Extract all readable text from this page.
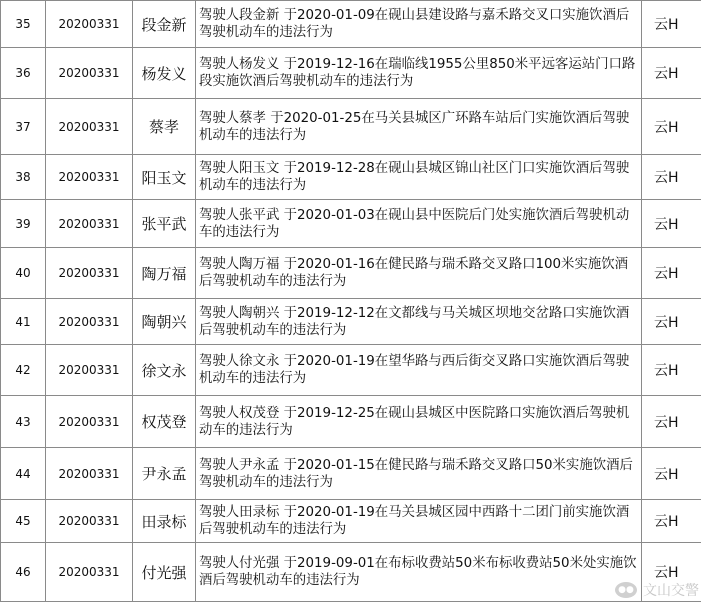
35	20200331	段金新	驾驶人段金新 于2020-01-09在砚山县建设路与嘉禾路交叉口实施饮酒后驾驶机动车的违法行为	云H
36	20200331	杨发义	驾驶人杨发义 于2019-12-16在瑞临线1955公里850米平远客运站门口路段实施饮酒后驾驶机动车的违法行为	云H
37	20200331	蔡孝	驾驶人蔡孝 于2020-01-25在马关县城区广环路车站后门实施饮酒后驾驶机动车的违法行为	云H
38	20200331	阳玉文	驾驶人阳玉文 于2019-12-28在砚山县城区锦山社区门口实施饮酒后驾驶机动车的违法行为	云H
39	20200331	张平武	驾驶人张平武 于2020-01-03在砚山县中医院后门处实施饮酒后驾驶机动车的违法行为	云H
40	20200331	陶万福	驾驶人陶万福 于2020-01-16在健民路与瑞禾路交叉路口100米实施饮酒后驾驶机动车的违法行为	云H
41	20200331	陶朝兴	驾驶人陶朝兴 于2019-12-12在文都线与马关城区坝地交岔路口实施饮酒后驾驶机动车的违法行为	云H
42	20200331	徐文永	驾驶人徐文永 于2020-01-19在望华路与西后街交叉路口实施饮酒后驾驶机动车的违法行为	云H
43	20200331	权茂登	驾驶人权茂登 于2019-12-25在砚山县城区中医院路口实施饮酒后驾驶机动车的违法行为	云H
44	20200331	尹永孟	驾驶人尹永孟 于2020-01-15在健民路与瑞禾路交叉路口50米实施饮酒后驾驶机动车的违法行为	云H
45	20200331	田录标	驾驶人田录标 于2020-01-19在马关县城区园中西路十二团门前实施饮酒后驾驶机动车的违法行为	云H
46	20200331	付光强	驾驶人付光强 于2019-09-01在布标收费站50米布标收费站50米处实施饮酒后驾驶机动车的违法行为	云H
●● 文山交警
